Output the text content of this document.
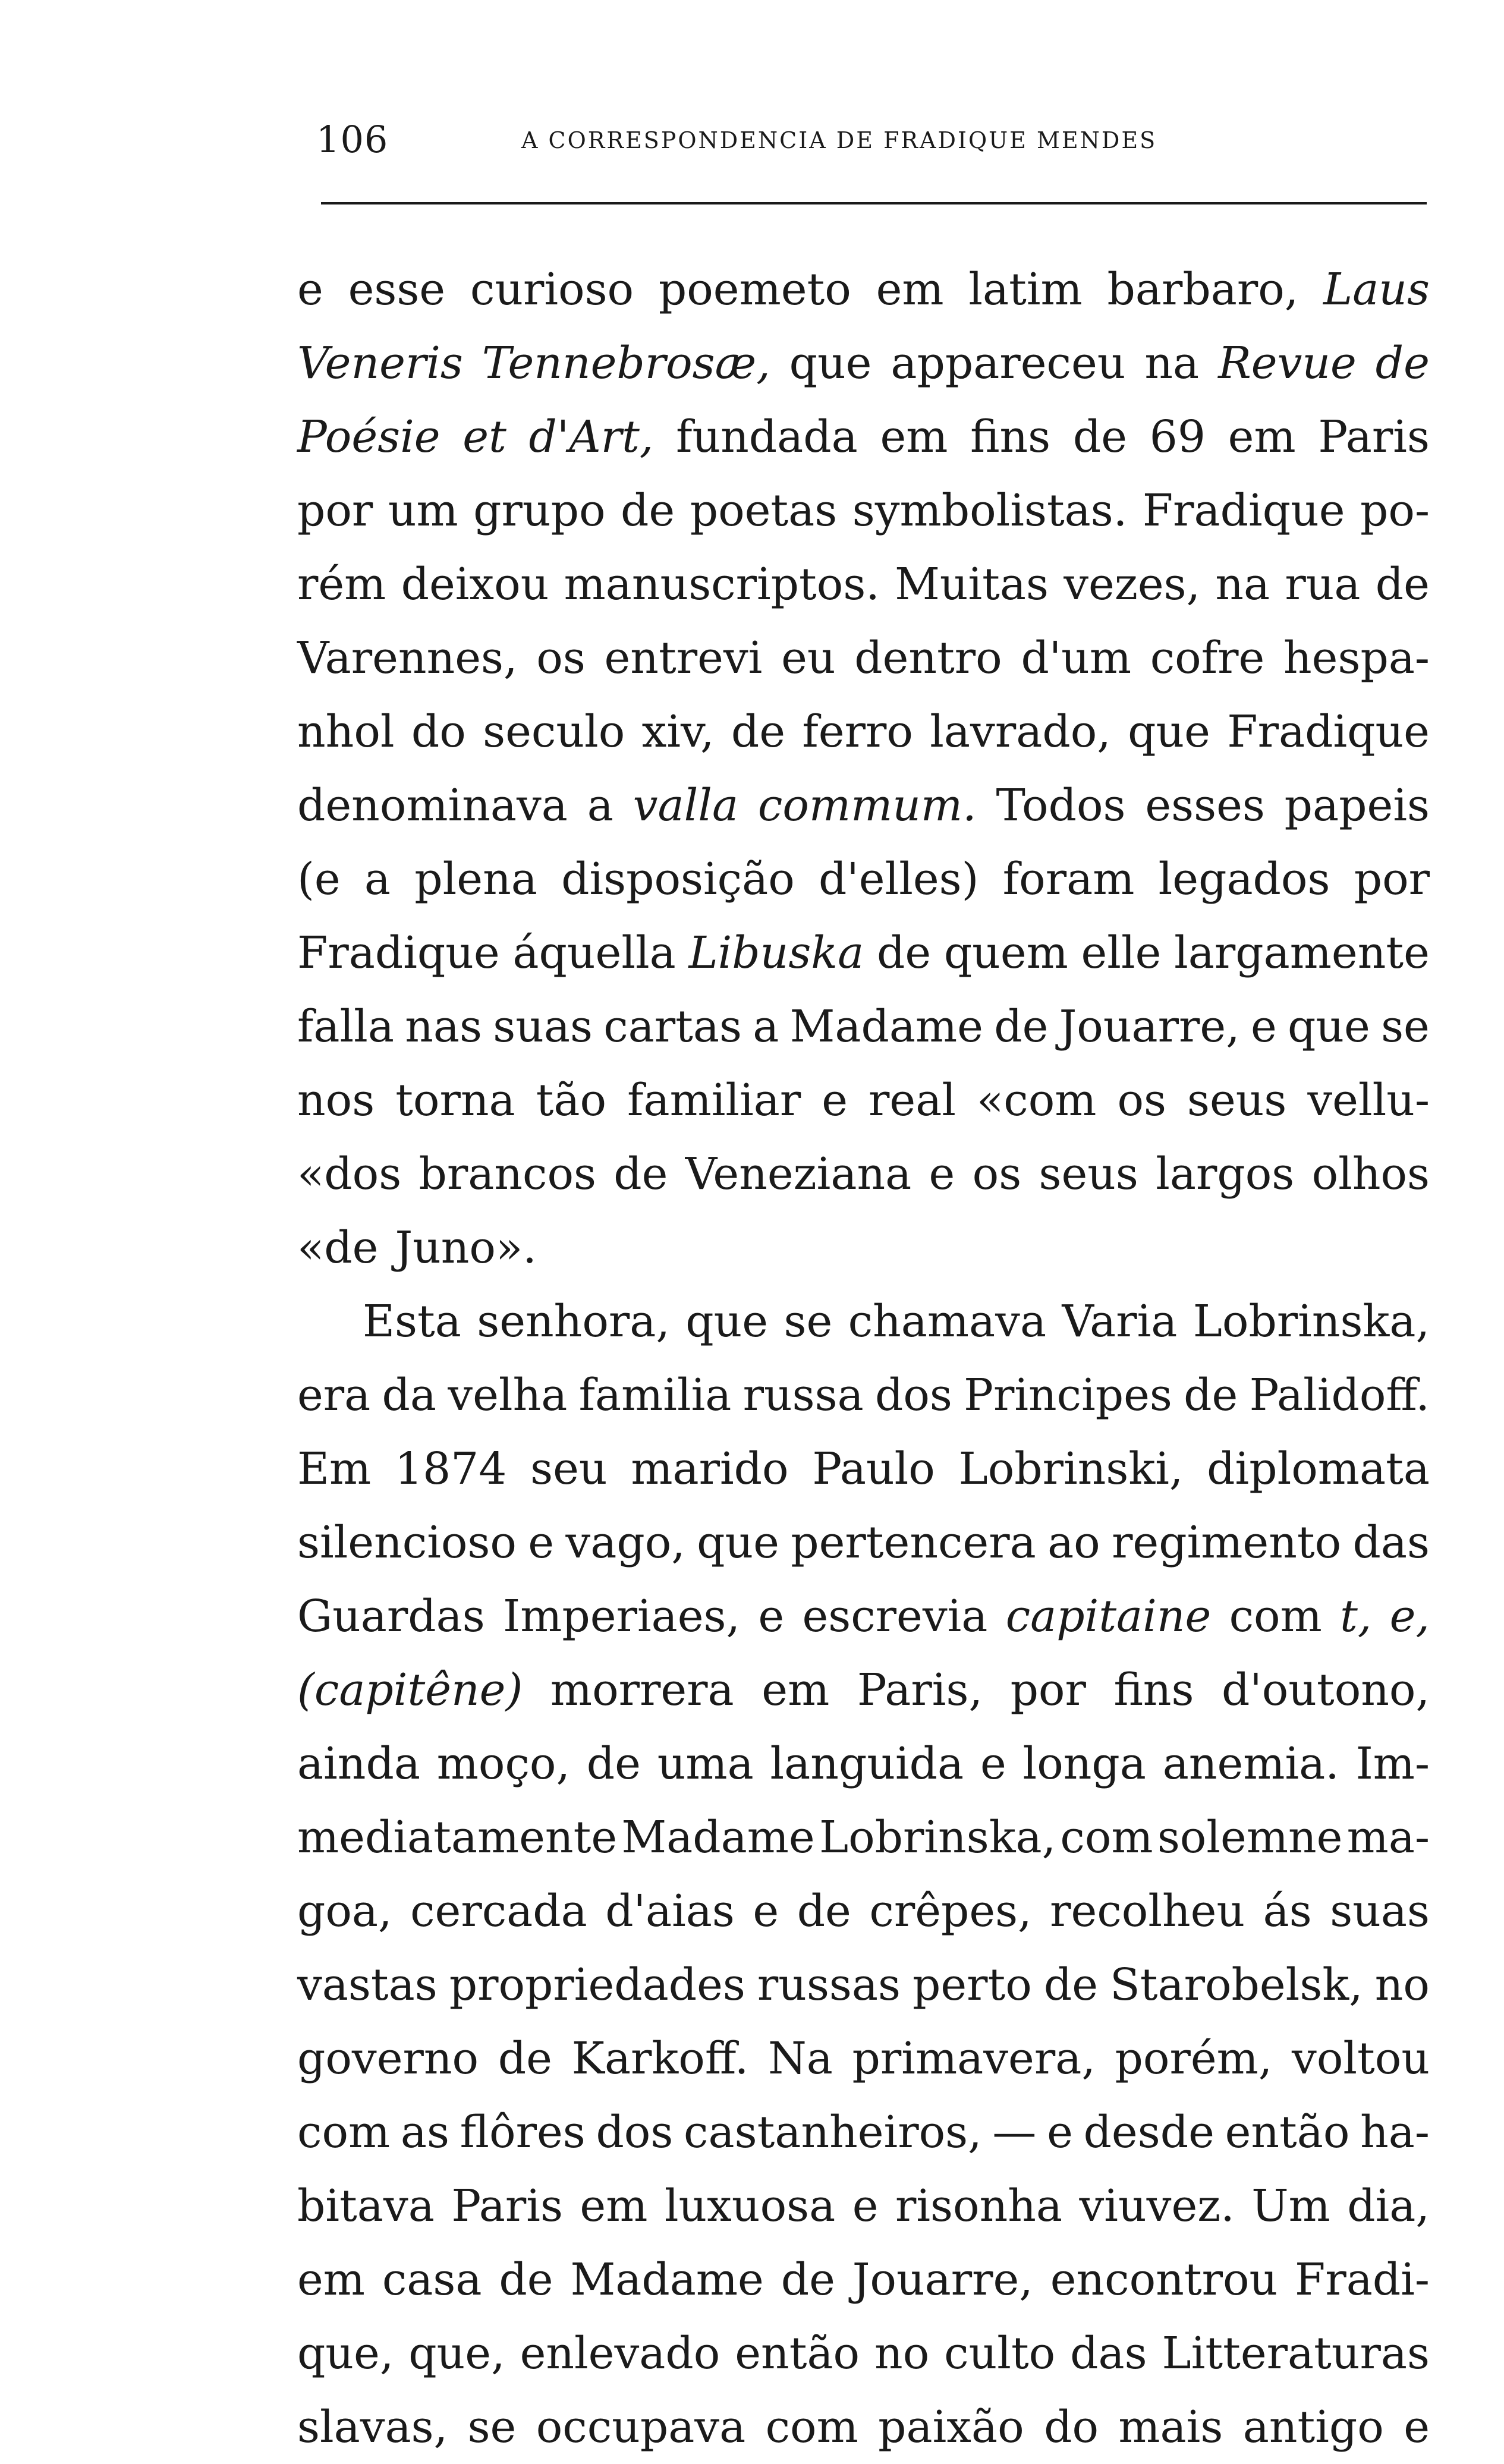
106	A CORRESPONDENCIA DE FRADIQUE MENDES
e esse curioso poemeto em latim barbaro, Laus
Veneris Tennebrosæ, que appareceu na Revue de
Poésie et d'Art, fundada em fins de 69 em Paris
por um grupo de poetas symbolistas. Fradique po-
rém deixou manuscriptos. Muitas vezes, na rua de
Varennes, os entrevi eu dentro d'um cofre hespa-
nhol do seculo xiv, de ferro lavrado, que Fradique
denominava a valla commum. Todos esses papeis
(e a plena disposição d'elles) foram legados por
Fradique áquella Libuska de quem elle largamente
falla nas suas cartas a Madame de Jouarre, e que se
nos torna tão familiar e real «com os seus vellu-
«dos brancos de Veneziana e os seus largos olhos
«de Juno».
Esta senhora, que se chamava Varia Lobrinska,
era da velha familia russa dos Principes de Palidoff.
Em 1874 seu marido Paulo Lobrinski, diplomata
silencioso e vago, que pertencera ao regimento das
Guardas Imperiaes, e escrevia capitaine com t, e,
(capitêne) morrera em Paris, por fins d'outono,
ainda moço, de uma languida e longa anemia. Im-
mediatamente Madame Lobrinska, com solemne ma-
goa, cercada d'aias e de crêpes, recolheu ás suas
vastas propriedades russas perto de Starobelsk, no
governo de Karkoff. Na primavera, porém, voltou
com as flôres dos castanheiros, — e desde então ha-
bitava Paris em luxuosa e risonha viuvez. Um dia,
em casa de Madame de Jouarre, encontrou Fradi-
que, que, enlevado então no culto das Litteraturas
slavas, se occupava com paixão do mais antigo e
